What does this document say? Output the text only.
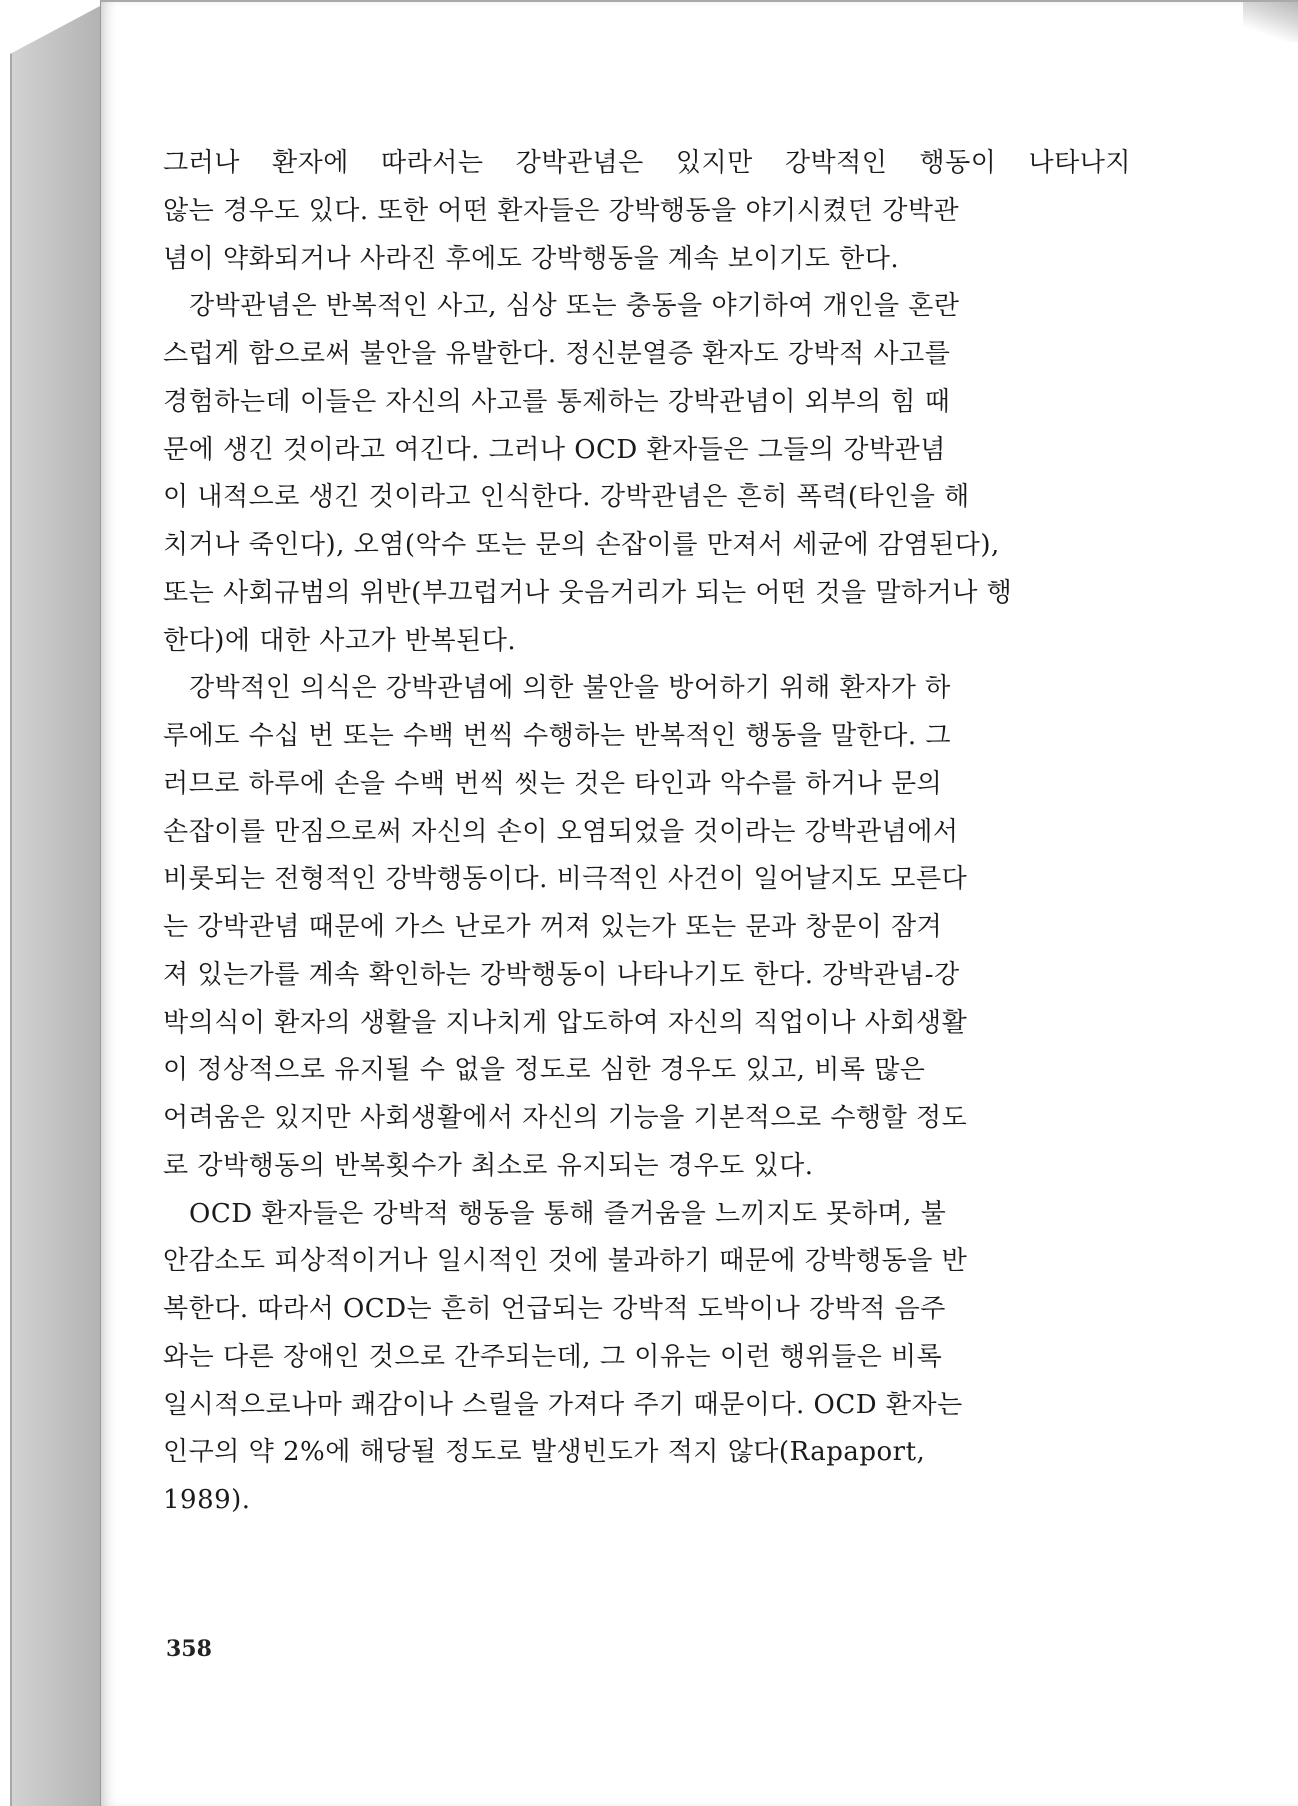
그러나 환자에 따라서는 강박관념은 있지만 강박적인 행동이 나타나지
않는 경우도 있다. 또한 어떤 환자들은 강박행동을 야기시켰던 강박관
념이 약화되거나 사라진 후에도 강박행동을 계속 보이기도 한다.

강박관념은 반복적인 사고, 심상 또는 충동을 야기하여 개인을 혼란
스럽게 함으로써 불안을 유발한다. 정신분열증 환자도 강박적 사고를
경험하는데 이들은 자신의 사고를 통제하는 강박관념이 외부의 힘 때
문에 생긴 것이라고 여긴다. 그러나 OCD 환자들은 그들의 강박관념
이 내적으로 생긴 것이라고 인식한다. 강박관념은 흔히 폭력(타인을 해
치거나 죽인다), 오염(악수 또는 문의 손잡이를 만져서 세균에 감염된다),
또는 사회규범의 위반(부끄럽거나 웃음거리가 되는 어떤 것을 말하거나 행
한다)에 대한 사고가 반복된다.

강박적인 의식은 강박관념에 의한 불안을 방어하기 위해 환자가 하
루에도 수십 번 또는 수백 번씩 수행하는 반복적인 행동을 말한다. 그
러므로 하루에 손을 수백 번씩 씻는 것은 타인과 악수를 하거나 문의
손잡이를 만짐으로써 자신의 손이 오염되었을 것이라는 강박관념에서
비롯되는 전형적인 강박행동이다. 비극적인 사건이 일어날지도 모른다
는 강박관념 때문에 가스 난로가 꺼져 있는가 또는 문과 창문이 잠겨
져 있는가를 계속 확인하는 강박행동이 나타나기도 한다. 강박관념-강
박의식이 환자의 생활을 지나치게 압도하여 자신의 직업이나 사회생활
이 정상적으로 유지될 수 없을 정도로 심한 경우도 있고, 비록 많은
어려움은 있지만 사회생활에서 자신의 기능을 기본적으로 수행할 정도
로 강박행동의 반복횟수가 최소로 유지되는 경우도 있다.

OCD 환자들은 강박적 행동을 통해 즐거움을 느끼지도 못하며, 불
안감소도 피상적이거나 일시적인 것에 불과하기 때문에 강박행동을 반
복한다. 따라서 OCD는 흔히 언급되는 강박적 도박이나 강박적 음주
와는 다른 장애인 것으로 간주되는데, 그 이유는 이런 행위들은 비록
일시적으로나마 쾌감이나 스릴을 가져다 주기 때문이다. OCD 환자는
인구의 약 2%에 해당될 정도로 발생빈도가 적지 않다(Rapaport,
1989).

358
